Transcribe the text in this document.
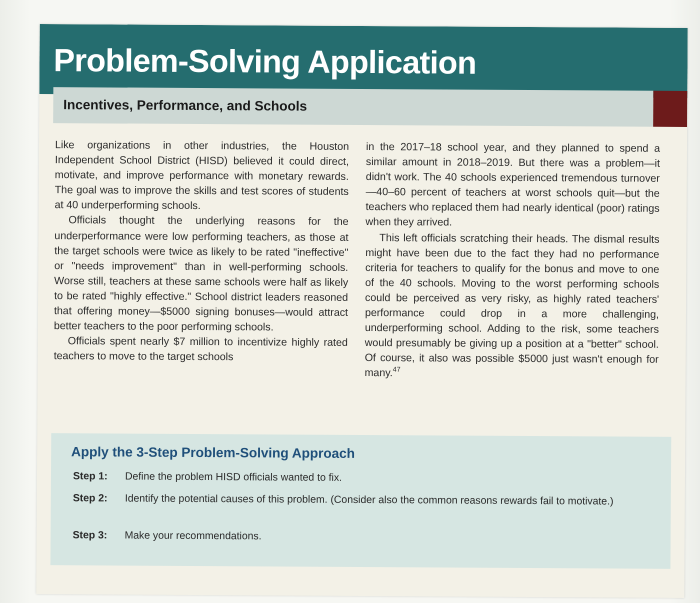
Problem-Solving Application
Incentives, Performance, and Schools

Like organizations in other industries, the Houston Independent School District (HISD) believed it could direct, motivate, and improve performance with monetary rewards. The goal was to improve the skills and test scores of students at 40 underperforming schools.

Officials thought the underlying reasons for the underperformance were low performing teachers, as those at the target schools were twice as likely to be rated "ineffective" or "needs improvement" than in well-performing schools. Worse still, teachers at these same schools were half as likely to be rated "highly effective." School district leaders reasoned that offering money—$5000 signing bonuses—would attract better teachers to the poor performing schools.

Officials spent nearly $7 million to incentivize highly rated teachers to move to the target schools

in the 2017–18 school year, and they planned to spend a similar amount in 2018–2019. But there was a problem—it didn't work. The 40 schools experienced tremendous turnover—40–60 percent of teachers at worst schools quit—but the teachers who replaced them had nearly identical (poor) ratings when they arrived.

This left officials scratching their heads. The dismal results might have been due to the fact they had no performance criteria for teachers to qualify for the bonus and move to one of the 40 schools. Moving to the worst performing schools could be perceived as very risky, as highly rated teachers' performance could drop in a more challenging, underperforming school. Adding to the risk, some teachers would presumably be giving up a position at a "better" school. Of course, it also was possible $5000 just wasn't enough for many.$^{47}$

Apply the 3-Step Problem-Solving Approach
Step 1: Define the problem HISD officials wanted to fix.
Step 2: Identify the potential causes of this problem. (Consider also the common reasons rewards fail to motivate.)
Step 3: Make your recommendations.
